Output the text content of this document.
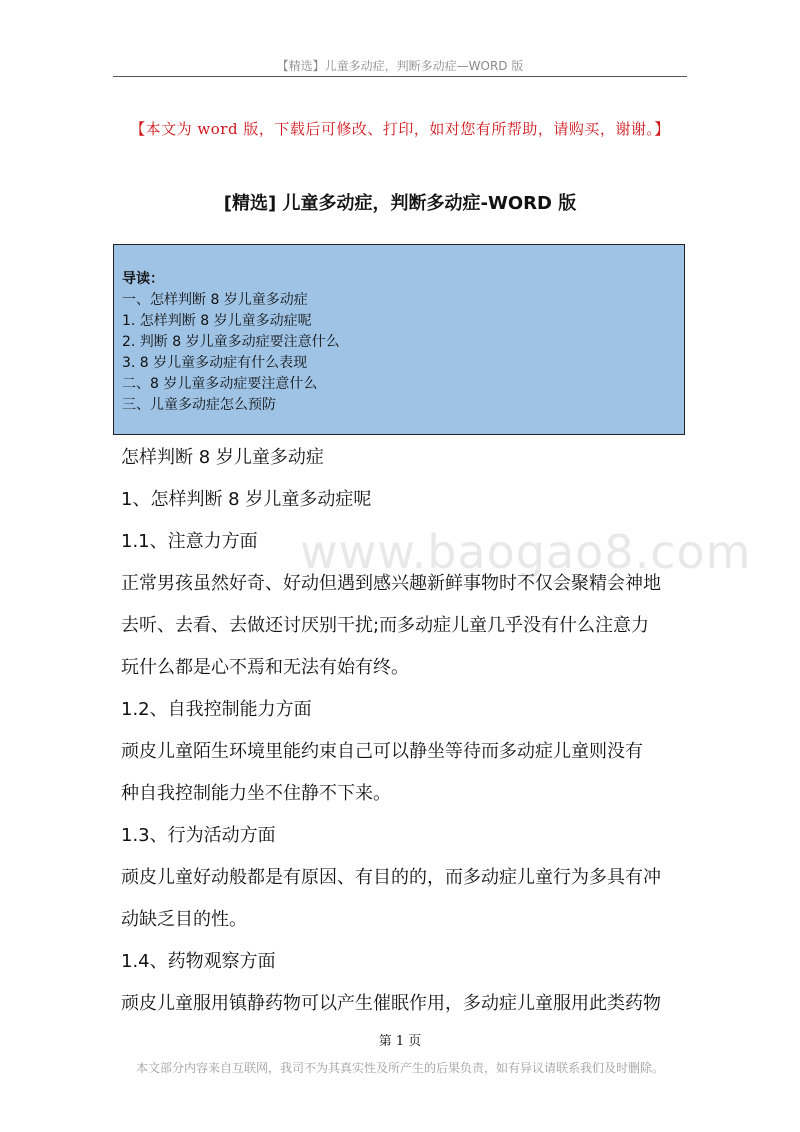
【精选】儿童多动症，判断多动症—WORD 版
【本文为 word 版，下载后可修改、打印，如对您有所帮助，请购买，谢谢。】
[精选] 儿童多动症，判断多动症-WORD 版
导读：
一、怎样判断 8 岁儿童多动症
1. 怎样判断 8 岁儿童多动症呢
2. 判断 8 岁儿童多动症要注意什么
3. 8 岁儿童多动症有什么表现
二、8 岁儿童多动症要注意什么
三、儿童多动症怎么预防
www.baogao8.com
怎样判断 8 岁儿童多动症
1、怎样判断 8 岁儿童多动症呢
1.1、注意力方面
正常男孩虽然好奇、好动但遇到感兴趣新鲜事物时不仅会聚精会神地
去听、去看、去做还讨厌别干扰;而多动症儿童几乎没有什么注意力
玩什么都是心不焉和无法有始有终。
1.2、自我控制能力方面
顽皮儿童陌生环境里能约束自己可以静坐等待而多动症儿童则没有
种自我控制能力坐不住静不下来。
1.3、行为活动方面
顽皮儿童好动般都是有原因、有目的的，而多动症儿童行为多具有冲
动缺乏目的性。
1.4、药物观察方面
顽皮儿童服用镇静药物可以产生催眠作用，多动症儿童服用此类药物
第 1 页
本文部分内容来自互联网，我司不为其真实性及所产生的后果负责，如有异议请联系我们及时删除。
